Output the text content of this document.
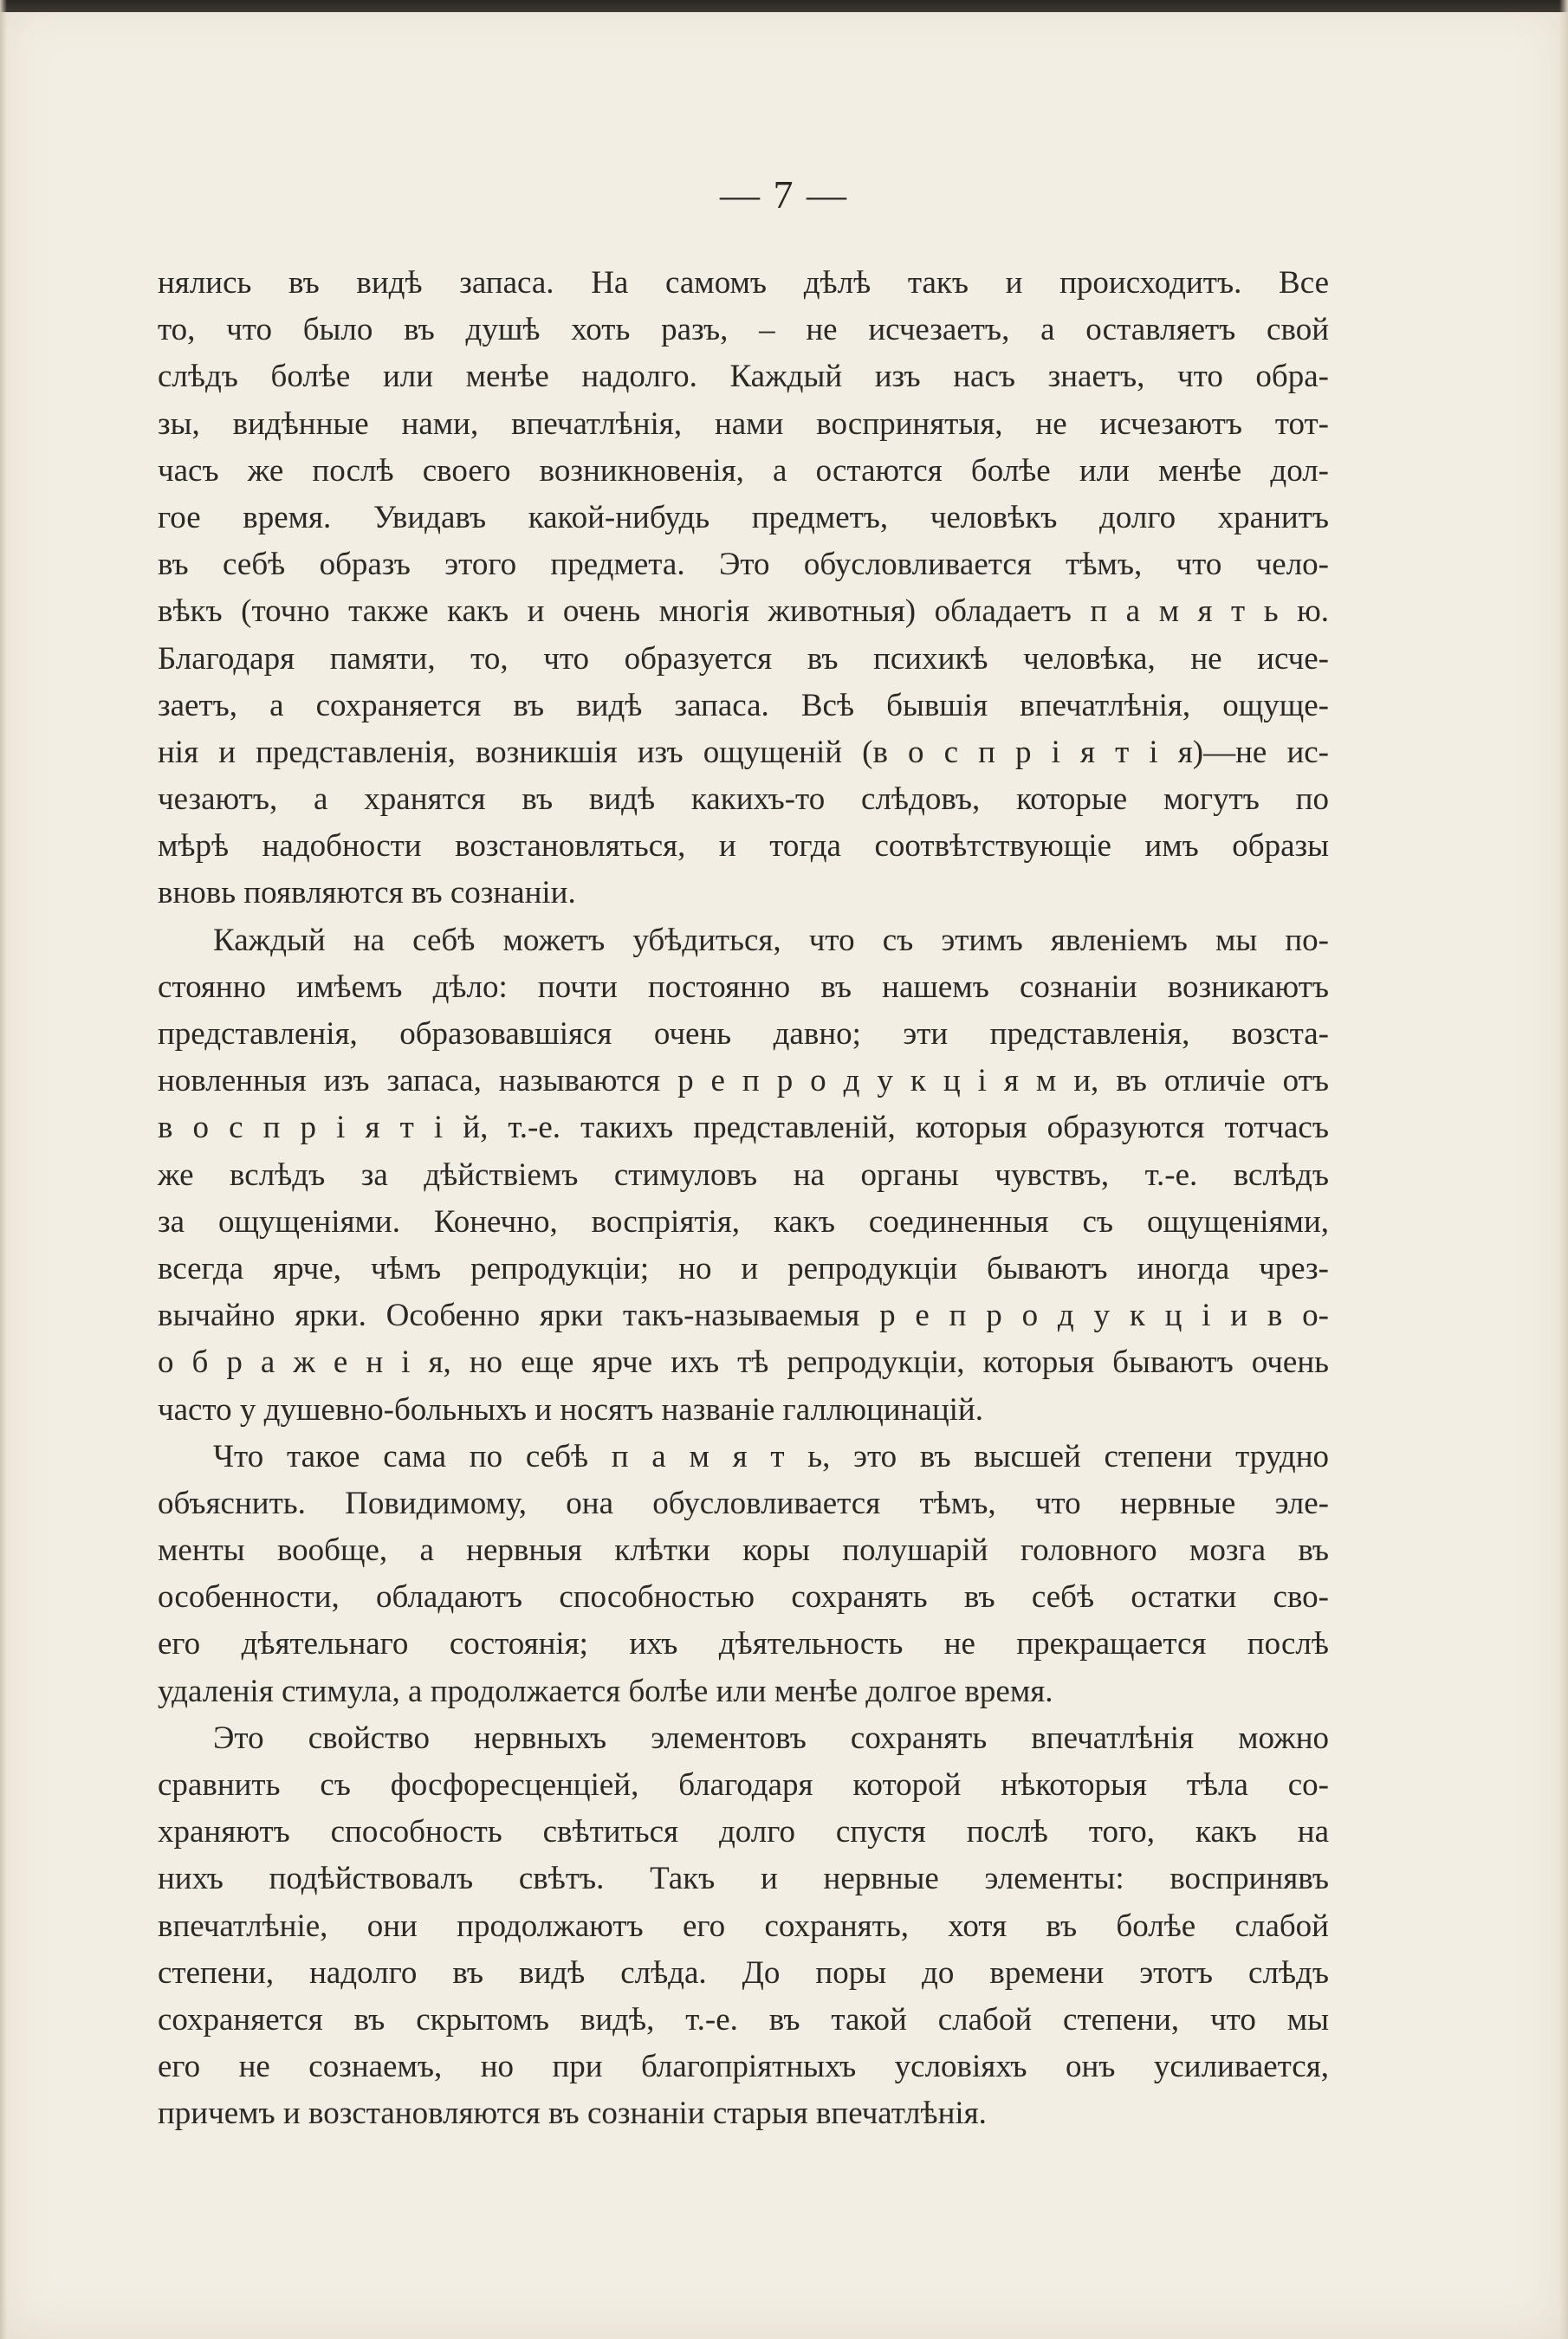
— 7 —
нялись въ видѣ запаса. На самомъ дѣлѣ такъ и происходитъ. Все
то, что было въ душѣ хоть разъ, – не исчезаетъ, а оставляетъ свой
слѣдъ болѣе или менѣе надолго. Каждый изъ насъ знаетъ, что обра-
зы, видѣнные нами, впечатлѣнія, нами воспринятыя, не исчезаютъ тот-
часъ же послѣ своего возникновенія, а остаются болѣе или менѣе дол-
гое время. Увидавъ какой-нибудь предметъ, человѣкъ долго хранитъ
въ себѣ образъ этого предмета. Это обусловливается тѣмъ, что чело-
вѣкъ (точно также какъ и очень многія животныя) обладаетъ п а м я т ь ю.
Благодаря памяти, то, что образуется въ психикѣ человѣка, не исче-
заетъ, а сохраняется въ видѣ запаса. Всѣ бывшія впечатлѣнія, ощуще-
нія и представленія, возникшія изъ ощущеній (в о с п р і я т і я)—не ис-
чезаютъ, а хранятся въ видѣ какихъ-то слѣдовъ, которые могутъ по
мѣрѣ надобности возстановляться, и тогда соотвѣтствующіе имъ образы
вновь появляются въ сознаніи.
Каждый на себѣ можетъ убѣдиться, что съ этимъ явленіемъ мы по-
стоянно имѣемъ дѣло: почти постоянно въ нашемъ сознаніи возникаютъ
представленія, образовавшіяся очень давно; эти представленія, возста-
новленныя изъ запаса, называются р е п р о д у к ц і я м и, въ отличіе отъ
в о с п р і я т і й, т.-е. такихъ представленій, которыя образуются тотчасъ
же вслѣдъ за дѣйствіемъ стимуловъ на органы чувствъ, т.-е. вслѣдъ
за ощущеніями. Конечно, воспріятія, какъ соединенныя съ ощущеніями,
всегда ярче, чѣмъ репродукціи; но и репродукціи бываютъ иногда чрез-
вычайно ярки. Особенно ярки такъ-называемыя р е п р о д у к ц і и в о-
о б р а ж е н і я, но еще ярче ихъ тѣ репродукціи, которыя бываютъ очень
часто у душевно-больныхъ и носятъ названіе галлюцинацій.
Что такое сама по себѣ п а м я т ь, это въ высшей степени трудно
объяснить. Повидимому, она обусловливается тѣмъ, что нервные эле-
менты вообще, а нервныя клѣтки коры полушарій головного мозга въ
особенности, обладаютъ способностью сохранять въ себѣ остатки сво-
его дѣятельнаго состоянія; ихъ дѣятельность не прекращается послѣ
удаленія стимула, а продолжается болѣе или менѣе долгое время.
Это свойство нервныхъ элементовъ сохранять впечатлѣнія можно
сравнить съ фосфоресценціей, благодаря которой нѣкоторыя тѣла со-
храняютъ способность свѣтиться долго спустя послѣ того, какъ на
нихъ подѣйствовалъ свѣтъ. Такъ и нервные элементы: воспринявъ
впечатлѣніе, они продолжаютъ его сохранять, хотя въ болѣе слабой
степени, надолго въ видѣ слѣда. До поры до времени этотъ слѣдъ
сохраняется въ скрытомъ видѣ, т.-е. въ такой слабой степени, что мы
его не сознаемъ, но при благопріятныхъ условіяхъ онъ усиливается,
причемъ и возстановляются въ сознаніи старыя впечатлѣнія.
